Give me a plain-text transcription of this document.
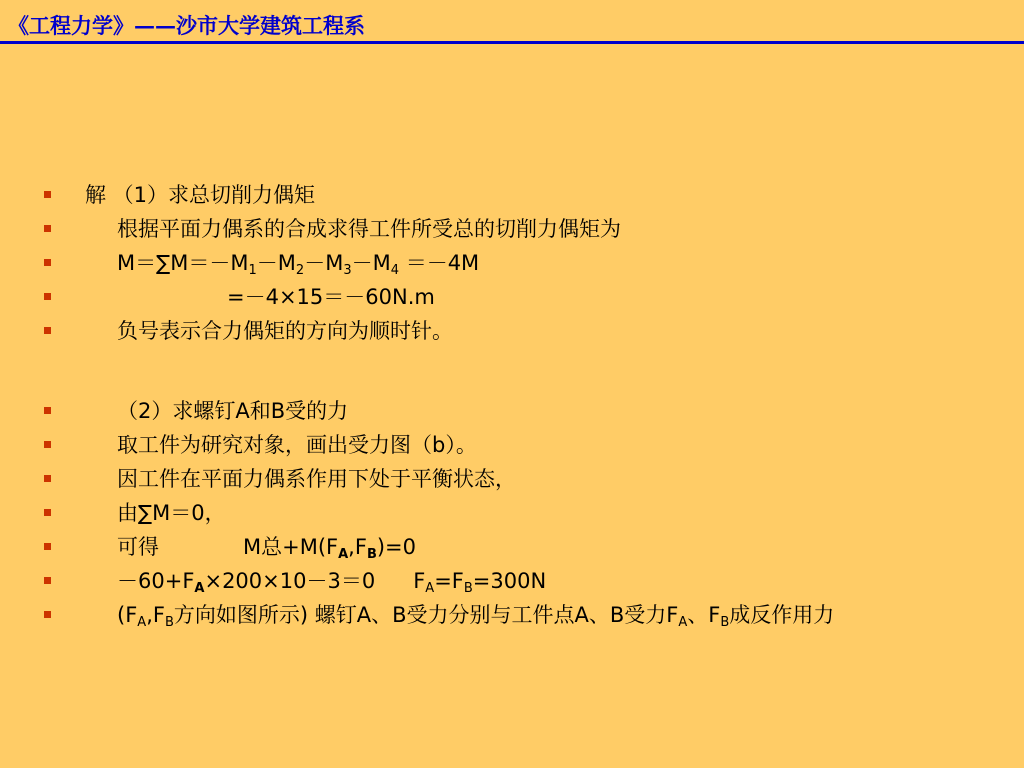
《工程力学》——沙市大学建筑工程系
解 （1）求总切削力偶矩
根据平面力偶系的合成求得工件所受总的切削力偶矩为
$M=\sum M=-M_1-M_2-M_3-M_4 =-4M$
=－4×15＝－60N.m
负号表示合力偶矩的方向为顺时针。
（2）求螺钉A和B受的力
取工件为研究对象，画出受力图（b）。
因工件在平面力偶系作用下处于平衡状态，
由∑M＝0，
可得	M总$+M(F_A,F_B)=0$
$-60+F_A\times 200\times 10-3=0$ $F_A=F_B=300N$
($F_A,F_B$方向如图所示) 螺钉A、B受力分别与工件点A、B受力$F_A$、$F_B$成反作用力
